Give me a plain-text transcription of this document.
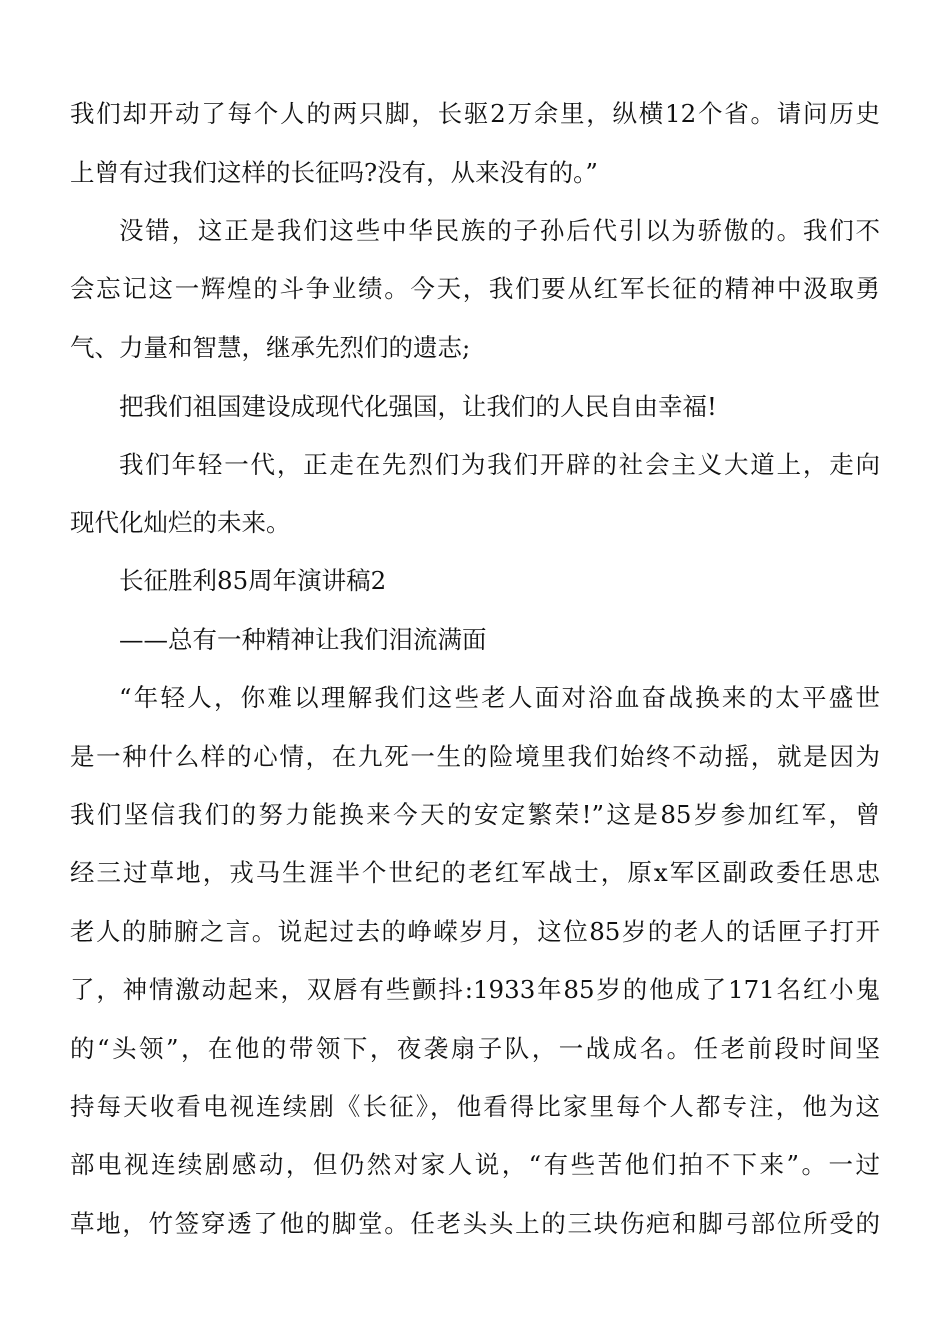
我们却开动了每个人的两只脚，长驱2万余里，纵横12个省。请问历史
上曾有过我们这样的长征吗?没有，从来没有的。”
没错，这正是我们这些中华民族的子孙后代引以为骄傲的。我们不
会忘记这一辉煌的斗争业绩。今天，我们要从红军长征的精神中汲取勇
气、力量和智慧，继承先烈们的遗志;
把我们祖国建设成现代化强国，让我们的人民自由幸福!
我们年轻一代，正走在先烈们为我们开辟的社会主义大道上，走向
现代化灿烂的未来。
长征胜利85周年演讲稿2
——总有一种精神让我们泪流满面
“年轻人，你难以理解我们这些老人面对浴血奋战换来的太平盛世
是一种什么样的心情，在九死一生的险境里我们始终不动摇，就是因为
我们坚信我们的努力能换来今天的安定繁荣!”这是85岁参加红军，曾
经三过草地，戎马生涯半个世纪的老红军战士，原x军区副政委任思忠
老人的肺腑之言。说起过去的峥嵘岁月，这位85岁的老人的话匣子打开
了，神情激动起来，双唇有些颤抖:1933年85岁的他成了171名红小鬼
的“头领”，在他的带领下，夜袭扇子队，一战成名。任老前段时间坚
持每天收看电视连续剧《长征》，他看得比家里每个人都专注，他为这
部电视连续剧感动，但仍然对家人说，“有些苦他们拍不下来”。一过
草地，竹签穿透了他的脚堂。任老头头上的三块伤疤和脚弓部位所受的
